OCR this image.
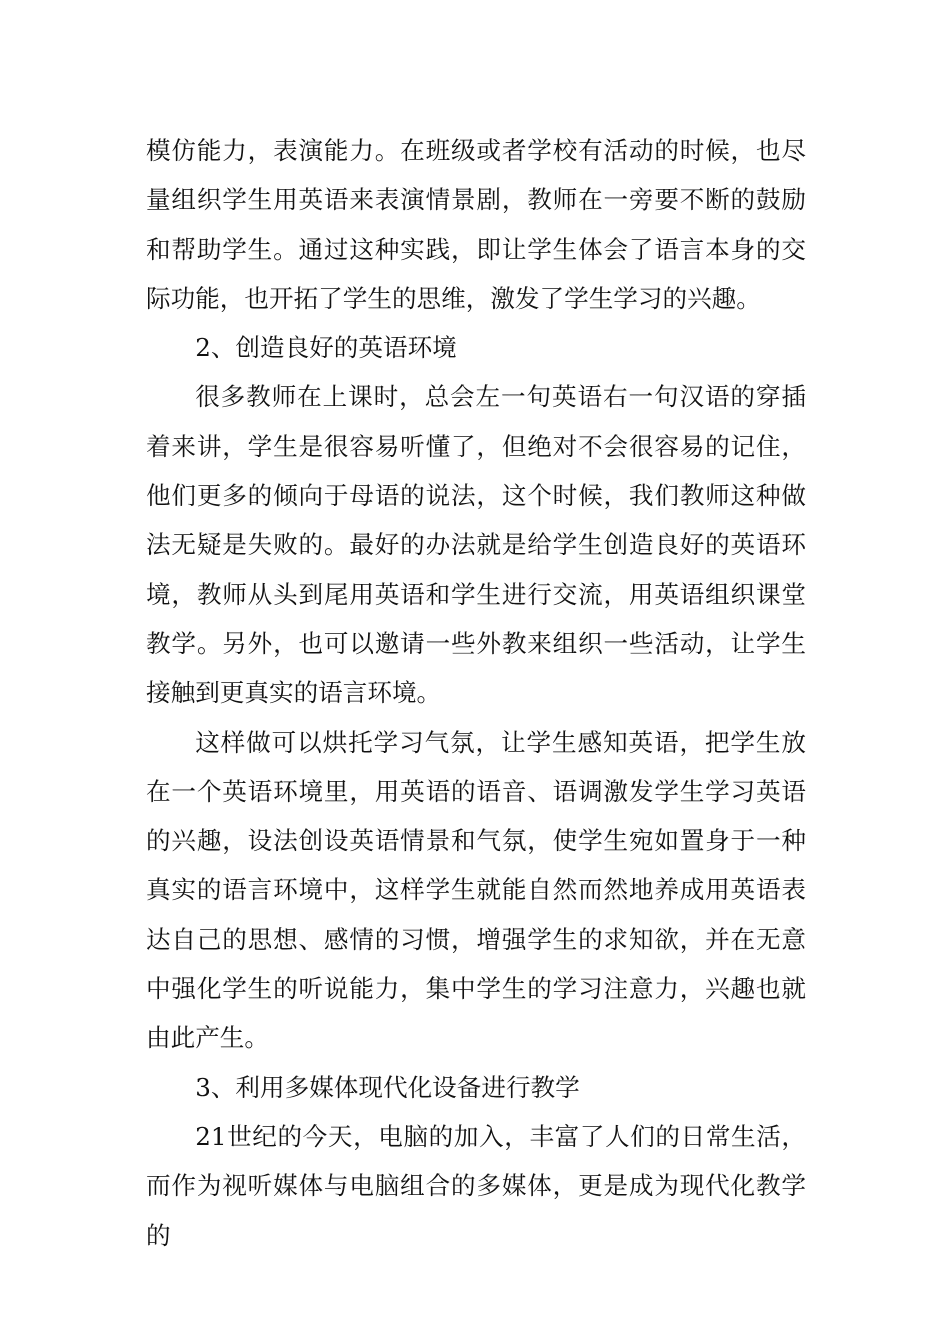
模仿能力，表演能力。在班级或者学校有活动的时候，也尽量组织学生用英语来表演情景剧，教师在一旁要不断的鼓励和帮助学生。通过这种实践，即让学生体会了语言本身的交际功能，也开拓了学生的思维，激发了学生学习的兴趣。

2、创造良好的英语环境

很多教师在上课时，总会左一句英语右一句汉语的穿插着来讲，学生是很容易听懂了，但绝对不会很容易的记住，他们更多的倾向于母语的说法，这个时候，我们教师这种做法无疑是失败的。最好的办法就是给学生创造良好的英语环境，教师从头到尾用英语和学生进行交流，用英语组织课堂教学。另外，也可以邀请一些外教来组织一些活动，让学生接触到更真实的语言环境。

这样做可以烘托学习气氛，让学生感知英语，把学生放在一个英语环境里，用英语的语音、语调激发学生学习英语的兴趣，设法创设英语情景和气氛，使学生宛如置身于一种真实的语言环境中，这样学生就能自然而然地养成用英语表达自己的思想、感情的习惯，增强学生的求知欲，并在无意中强化学生的听说能力，集中学生的学习注意力，兴趣也就由此产生。

3、利用多媒体现代化设备进行教学

21世纪的今天，电脑的加入，丰富了人们的日常生活，而作为视听媒体与电脑组合的多媒体，更是成为现代化教学的
